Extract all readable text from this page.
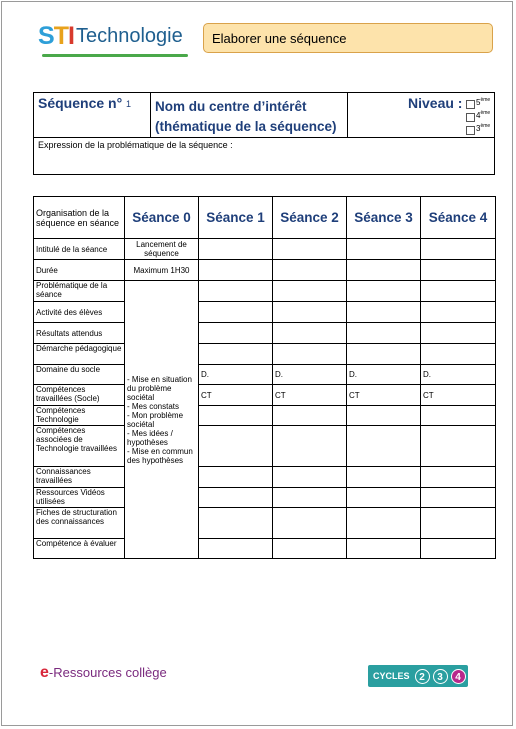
STI Technologie	Elaborer une séquence
Séquence n° 1 Nom du centre d’intérêt
(thématique de la séquence)
Niveau : 5ème
4ème
3ème
Expression de la problématique de la séquence :
Organisation de la séquence en séance	Séance 0	Séance 1	Séance 2	Séance 3	Séance 4
Intitulé de la séance	Lancement de séquence				
Durée	Maximum 1H30				
Problématique de la séance	- Mise en situation du problème sociétal
- Mes constats
- Mon problème sociétal
- Mes idées / hypothèses
- Mise en commun des hypothèses				

Activité des élèves					
Résultats attendus					
Démarche pédagogique					
Domaine du socle		D.	D.	D.	D.
Compétences travaillées (Socle)		CT	CT	CT	CT
Compétences Technologie					
Compétences associées de Technologie travaillées					
Connaissances travaillées					
Ressources Vidéos utilisées					
Fiches de structuration des connaissances					
Compétence à évaluer					
e-Ressources collège	CYCLES 2	3	4
